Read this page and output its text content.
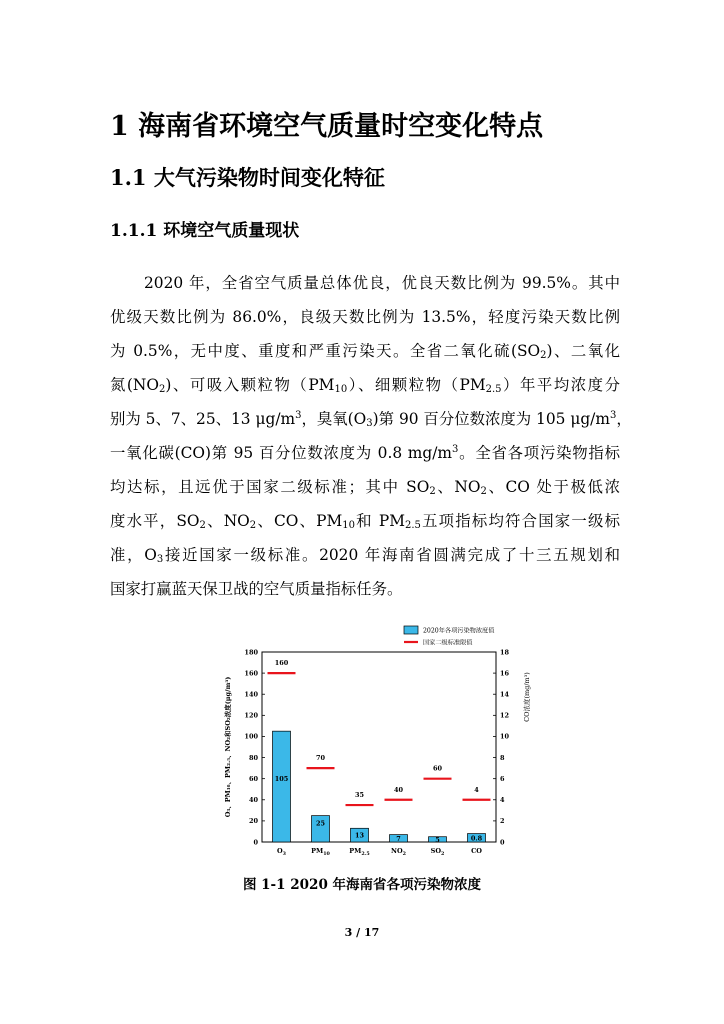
1 海南省环境空气质量时空变化特点
1.1 大气污染物时间变化特征
1.1.1 环境空气质量现状
2020 年，全省空气质量总体优良，优良天数比例为 99.5%。其中
优级天数比例为 86.0%，良级天数比例为 13.5%，轻度污染天数比例
为 0.5%，无中度、重度和严重污染天。全省二氧化硫$(SO_2)$、二氧化
氮$(NO_2)$、可吸入颗粒物$(PM_{10})$、细颗粒物$(PM_{2.5})$年平均浓度分
别为 5、7、25、13 $\mu g/m^3$，臭氧$(O_3)$第 90 百分位数浓度为 105 $\mu g/m^3$，
一氧化碳(CO)第 95 百分位数浓度为 0.8 $mg/m^3$。全省各项污染物指标
均达标，且远优于国家二级标准；其中 $SO_2$、$NO_2$、CO 处于极低浓
度水平，$SO_2$、$NO_2$、CO、$PM_{10}$和 $PM_{2.5}$五项指标均符合国家一级标
准，$O_3$接近国家一级标准。2020 年海南省圆满完成了十三五规划和
国家打赢蓝天保卫战的空气质量指标任务。
0
20
40
60
80
100
120
140
160
180
0
2
4
6
8
10
12
14
16
18
O₃、PM₁₀、PM₂.₅、NO₂和SO₂浓度(μg/m³)	CO浓度(mg/m³)
$O_3$
105
160
$PM_{10}$
25
70
$PM_{2.5}$
13
35
$NO_2$
7
40
$SO_2$
5
60
CO
0.8
4
2020年各项污染物浓度值
国家二级标准限值
图 1-1 2020 年海南省各项污染物浓度
3 / 17
